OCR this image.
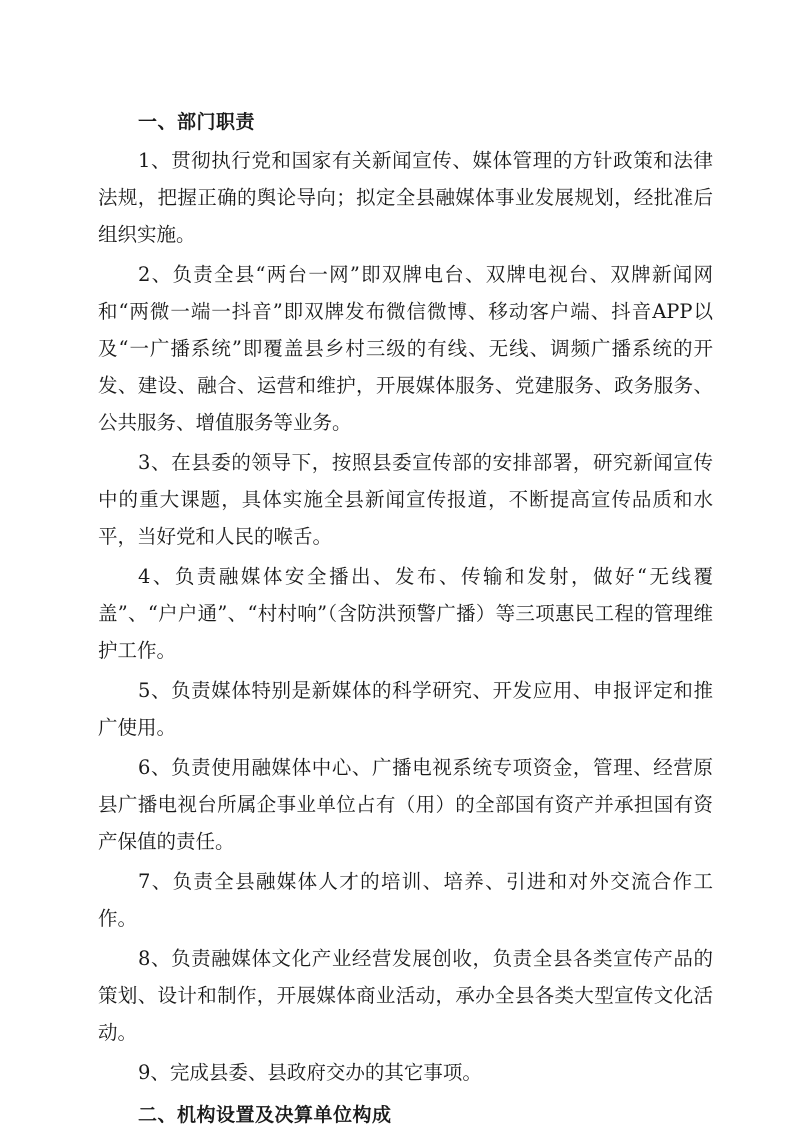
一、部门职责

1、贯彻执行党和国家有关新闻宣传、媒体管理的方针政策和法律法规，把握正确的舆论导向；拟定全县融媒体事业发展规划，经批准后组织实施。

2、负责全县“两台一网”即双牌电台、双牌电视台、双牌新闻网和“两微一端一抖音”即双牌发布微信微博、移动客户端、抖音APP以及“一广播系统”即覆盖县乡村三级的有线、无线、调频广播系统的开发、建设、融合、运营和维护，开展媒体服务、党建服务、政务服务、公共服务、增值服务等业务。

3、在县委的领导下，按照县委宣传部的安排部署，研究新闻宣传中的重大课题，具体实施全县新闻宣传报道，不断提高宣传品质和水平，当好党和人民的喉舌。

4、负责融媒体安全播出、发布、传输和发射，做好“无线覆盖”、“户户通”、“村村响”（含防洪预警广播）等三项惠民工程的管理维护工作。

5、负责媒体特别是新媒体的科学研究、开发应用、申报评定和推广使用。

6、负责使用融媒体中心、广播电视系统专项资金，管理、经营原县广播电视台所属企事业单位占有（用）的全部国有资产并承担国有资产保值的责任。

7、负责全县融媒体人才的培训、培养、引进和对外交流合作工作。

8、负责融媒体文化产业经营发展创收，负责全县各类宣传产品的策划、设计和制作，开展媒体商业活动，承办全县各类大型宣传文化活动。

9、完成县委、县政府交办的其它事项。

二、机构设置及决算单位构成
